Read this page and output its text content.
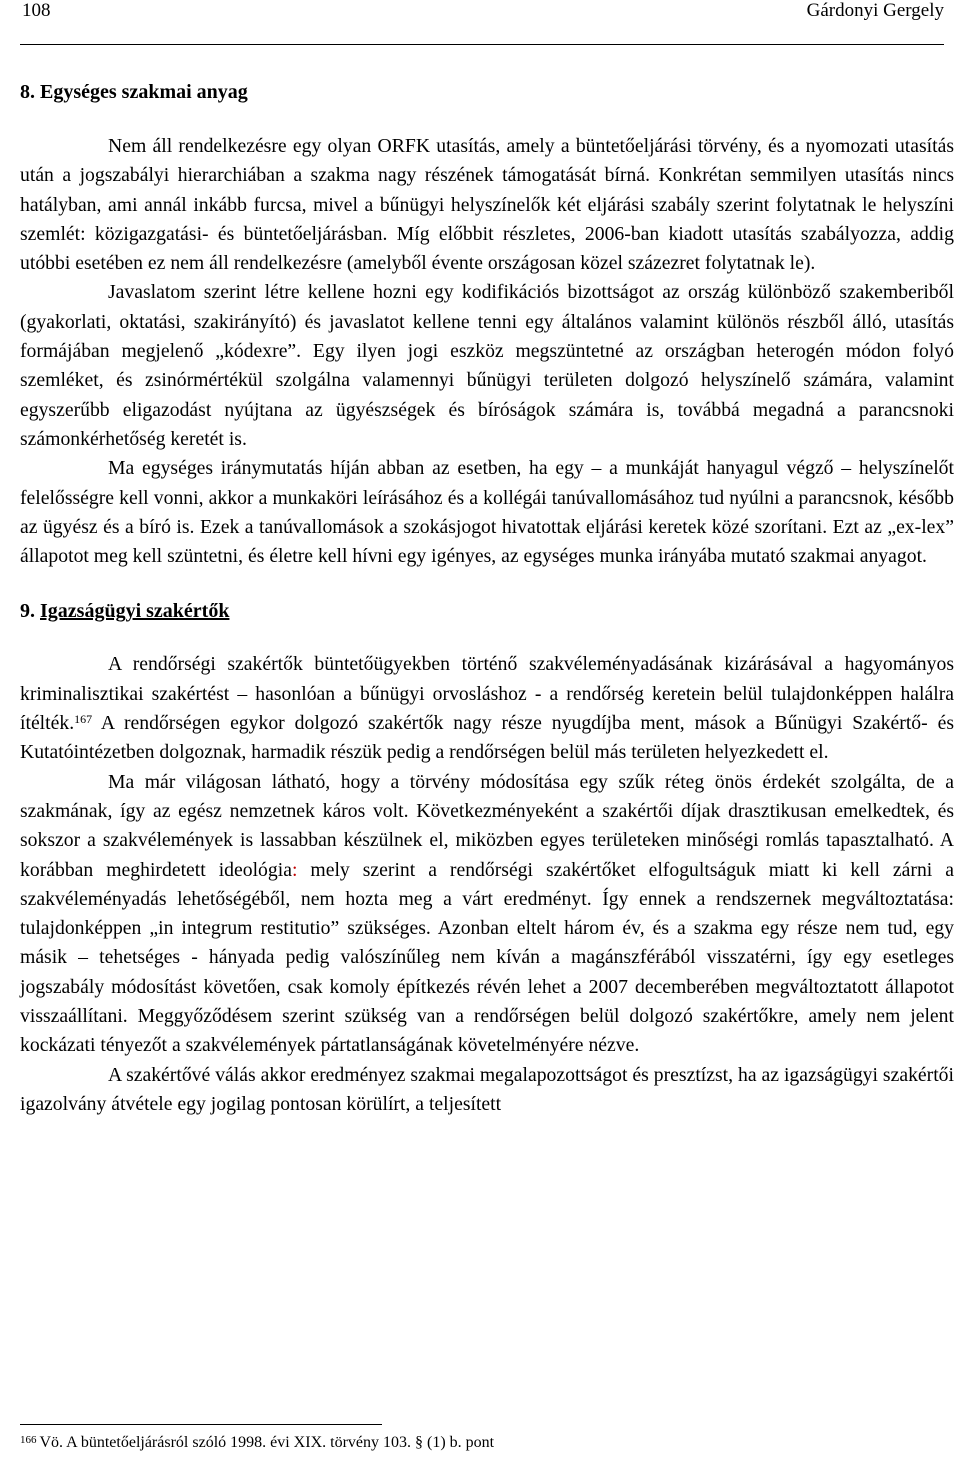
108	Gárdonyi Gergely
8. Egységes szakmai anyag

Nem áll rendelkezésre egy olyan ORFK utasítás, amely a büntetőeljárási törvény, és a nyomozati utasítás után a jogszabályi hierarchiában a szakma nagy részének támogatását bírná. Konkrétan semmilyen utasítás nincs hatályban, ami annál inkább furcsa, mivel a bűnügyi helyszínelők két eljárási szabály szerint folytatnak le helyszíni szemlét: közigazgatási- és büntetőeljárásban. Míg előbbit részletes, 2006-ban kiadott utasítás szabályozza, addig utóbbi esetében ez nem áll rendelkezésre (amelyből évente országosan közel százezret folytatnak le).

Javaslatom szerint létre kellene hozni egy kodifikációs bizottságot az ország különböző szakemberiből (gyakorlati, oktatási, szakirányító) és javaslatot kellene tenni egy általános valamint különös részből álló, utasítás formájában megjelenő „kódexre”. Egy ilyen jogi eszköz megszüntetné az országban heterogén módon folyó szemléket, és zsinórmértékül szolgálna valamennyi bűnügyi területen dolgozó helyszínelő számára, valamint egyszerűbb eligazodást nyújtana az ügyészségek és bíróságok számára is, továbbá megadná a parancsnoki számonkérhetőség keretét is.

Ma egységes iránymutatás híján abban az esetben, ha egy – a munkáját hanyagul végző – helyszínelőt felelősségre kell vonni, akkor a munkaköri leírásához és a kollégái tanúvallomásához tud nyúlni a parancsnok, később az ügyész és a bíró is. Ezek a tanúvallomások a szokásjogot hivatottak eljárási keretek közé szorítani. Ezt az „ex-lex” állapotot meg kell szüntetni, és életre kell hívni egy igényes, az egységes munka irányába mutató szakmai anyagot.

9. Igazságügyi szakértők

A rendőrségi szakértők büntetőügyekben történő szakvéleményadásának kizárásával a hagyományos kriminalisztikai szakértést – hasonlóan a bűnügyi orvosláshoz - a rendőrség keretein belül tulajdonképpen halálra ítélték.$^{167}$ A rendőrségen egykor dolgozó szakértők nagy része nyugdíjba ment, mások a Bűnügyi Szakértő- és Kutatóintézetben dolgoznak, harmadik részük pedig a rendőrségen belül más területen helyezkedett el.

Ma már világosan látható, hogy a törvény módosítása egy szűk réteg önös érdekét szolgálta, de a szakmának, így az egész nemzetnek káros volt. Következményeként a szakértői díjak drasztikusan emelkedtek, és sokszor a szakvélemények is lassabban készülnek el, miközben egyes területeken minőségi romlás tapasztalható. A korábban meghirdetett ideológia: mely szerint a rendőrségi szakértőket elfogultságuk miatt ki kell zárni a szakvéleményadás lehetőségéből, nem hozta meg a várt eredményt. Így ennek a rendszernek megváltoztatása: tulajdonképpen „in integrum restitutio” szükséges. Azonban eltelt három év, és a szakma egy része nem tud, egy másik – tehetséges - hányada pedig valószínűleg nem kíván a magánszférából visszatérni, így egy esetleges jogszabály módosítást követően, csak komoly építkezés révén lehet a 2007 decemberében megváltoztatott állapotot visszaállítani. Meggyőződésem szerint szükség van a rendőrségen belül dolgozó szakértőkre, amely nem jelent kockázati tényezőt a szakvélemények pártatlanságának követelményére nézve.

A szakértővé válás akkor eredményez szakmai megalapozottságot és presztízst, ha az igazságügyi szakértői igazolvány átvétele egy jogilag pontosan körülírt, a teljesített

$^{166}$ Vö. A büntetőeljárásról szóló 1998. évi XIX. törvény 103. § (1) b. pont
